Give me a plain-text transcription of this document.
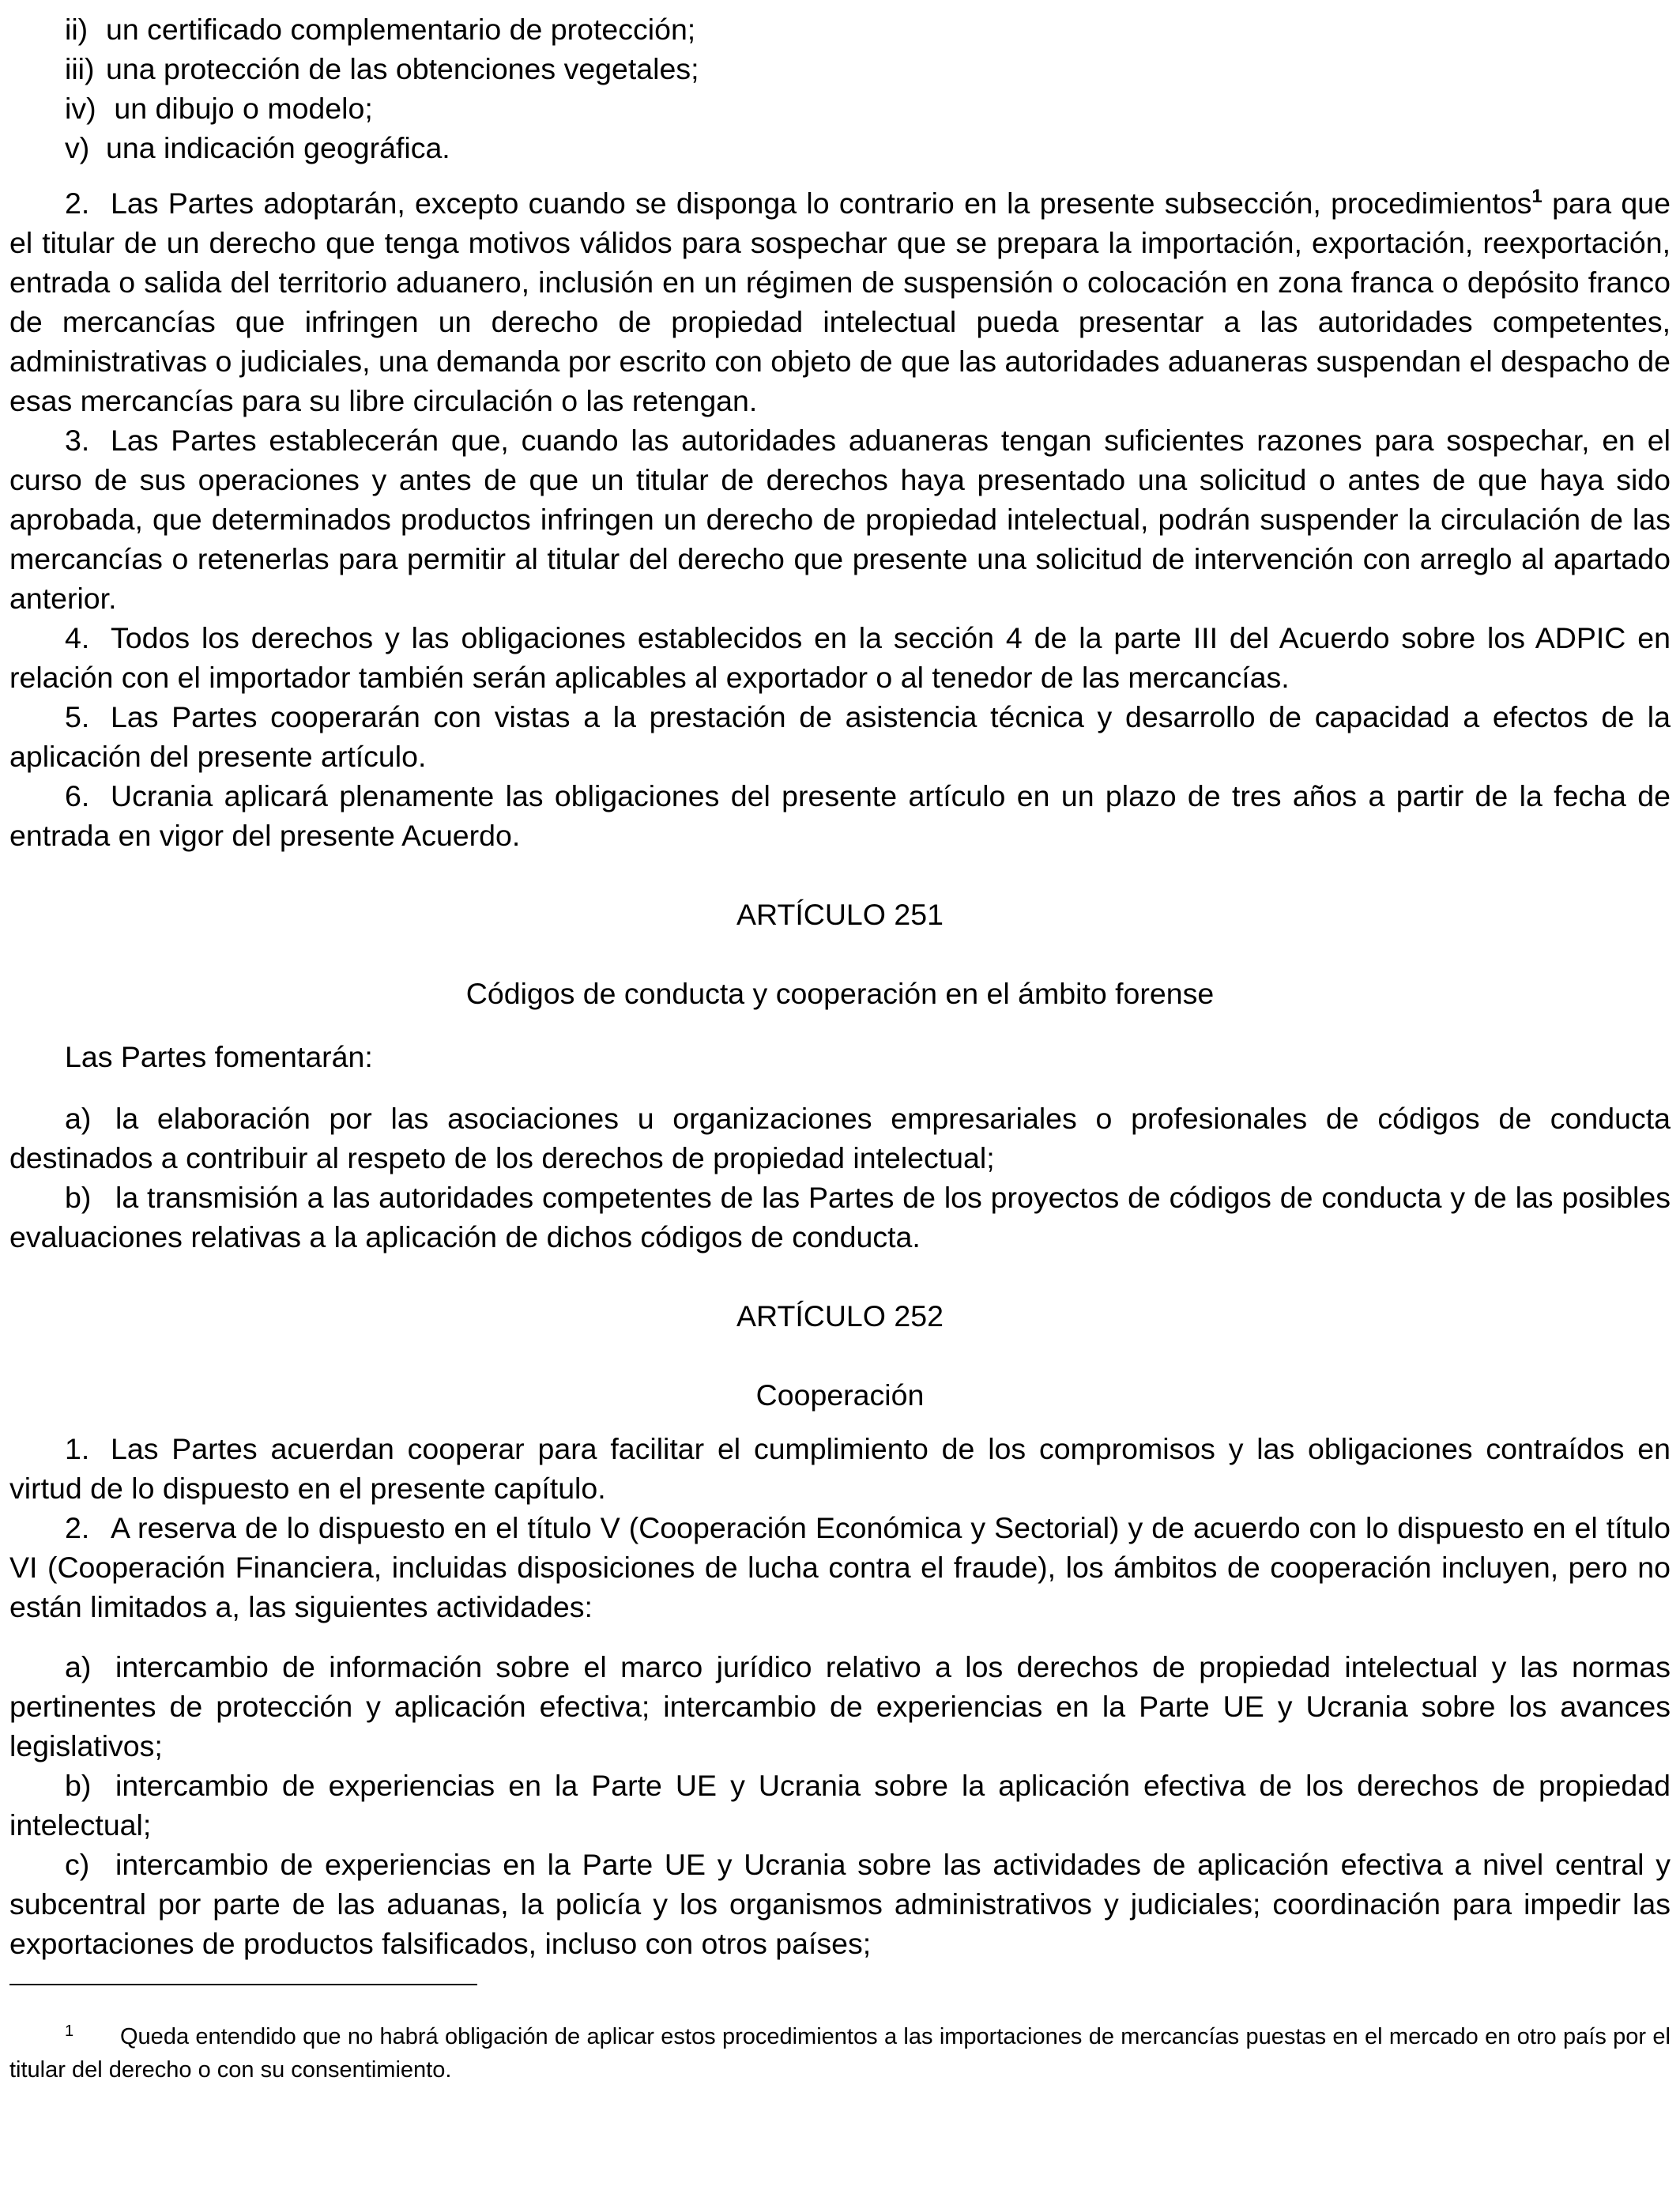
ii) un certificado complementario de protección;

iii) una protección de las obtenciones vegetales;

iv) un dibujo o modelo;

v) una indicación geográfica.

2. Las Partes adoptarán, excepto cuando se disponga lo contrario en la presente subsección, procedimientos$^1$ para que el titular de un derecho que tenga motivos válidos para sospechar que se prepara la importación, exportación, reexportación, entrada o salida del territorio aduanero, inclusión en un régimen de suspensión o colocación en zona franca o depósito franco de mercancías que infringen un derecho de propiedad intelectual pueda presentar a las autoridades competentes, administrativas o judiciales, una demanda por escrito con objeto de que las autoridades aduaneras suspendan el despacho de esas mercancías para su libre circulación o las retengan.

3. Las Partes establecerán que, cuando las autoridades aduaneras tengan suficientes razones para sospechar, en el curso de sus operaciones y antes de que un titular de derechos haya presentado una solicitud o antes de que haya sido aprobada, que determinados productos infringen un derecho de propiedad intelectual, podrán suspender la circulación de las mercancías o retenerlas para permitir al titular del derecho que presente una solicitud de intervención con arreglo al apartado anterior.

4. Todos los derechos y las obligaciones establecidos en la sección 4 de la parte III del Acuerdo sobre los ADPIC en relación con el importador también serán aplicables al exportador o al tenedor de las mercancías.

5. Las Partes cooperarán con vistas a la prestación de asistencia técnica y desarrollo de capacidad a efectos de la aplicación del presente artículo.

6. Ucrania aplicará plenamente las obligaciones del presente artículo en un plazo de tres años a partir de la fecha de entrada en vigor del presente Acuerdo.

ARTÍCULO 251

Códigos de conducta y cooperación en el ámbito forense

Las Partes fomentarán:

a) la elaboración por las asociaciones u organizaciones empresariales o profesionales de códigos de conducta destinados a contribuir al respeto de los derechos de propiedad intelectual;

b) la transmisión a las autoridades competentes de las Partes de los proyectos de códigos de conducta y de las posibles evaluaciones relativas a la aplicación de dichos códigos de conducta.

ARTÍCULO 252

Cooperación

1. Las Partes acuerdan cooperar para facilitar el cumplimiento de los compromisos y las obligaciones contraídos en virtud de lo dispuesto en el presente capítulo.

2. A reserva de lo dispuesto en el título V (Cooperación Económica y Sectorial) y de acuerdo con lo dispuesto en el título VI (Cooperación Financiera, incluidas disposiciones de lucha contra el fraude), los ámbitos de cooperación incluyen, pero no están limitados a, las siguientes actividades:

a) intercambio de información sobre el marco jurídico relativo a los derechos de propiedad intelectual y las normas pertinentes de protección y aplicación efectiva; intercambio de experiencias en la Parte UE y Ucrania sobre los avances legislativos;

b) intercambio de experiencias en la Parte UE y Ucrania sobre la aplicación efectiva de los derechos de propiedad intelectual;

c) intercambio de experiencias en la Parte UE y Ucrania sobre las actividades de aplicación efectiva a nivel central y subcentral por parte de las aduanas, la policía y los organismos administrativos y judiciales; coordinación para impedir las exportaciones de productos falsificados, incluso con otros países;

1 Queda entendido que no habrá obligación de aplicar estos procedimientos a las importaciones de mercancías puestas en el mercado en otro país por el titular del derecho o con su consentimiento.
